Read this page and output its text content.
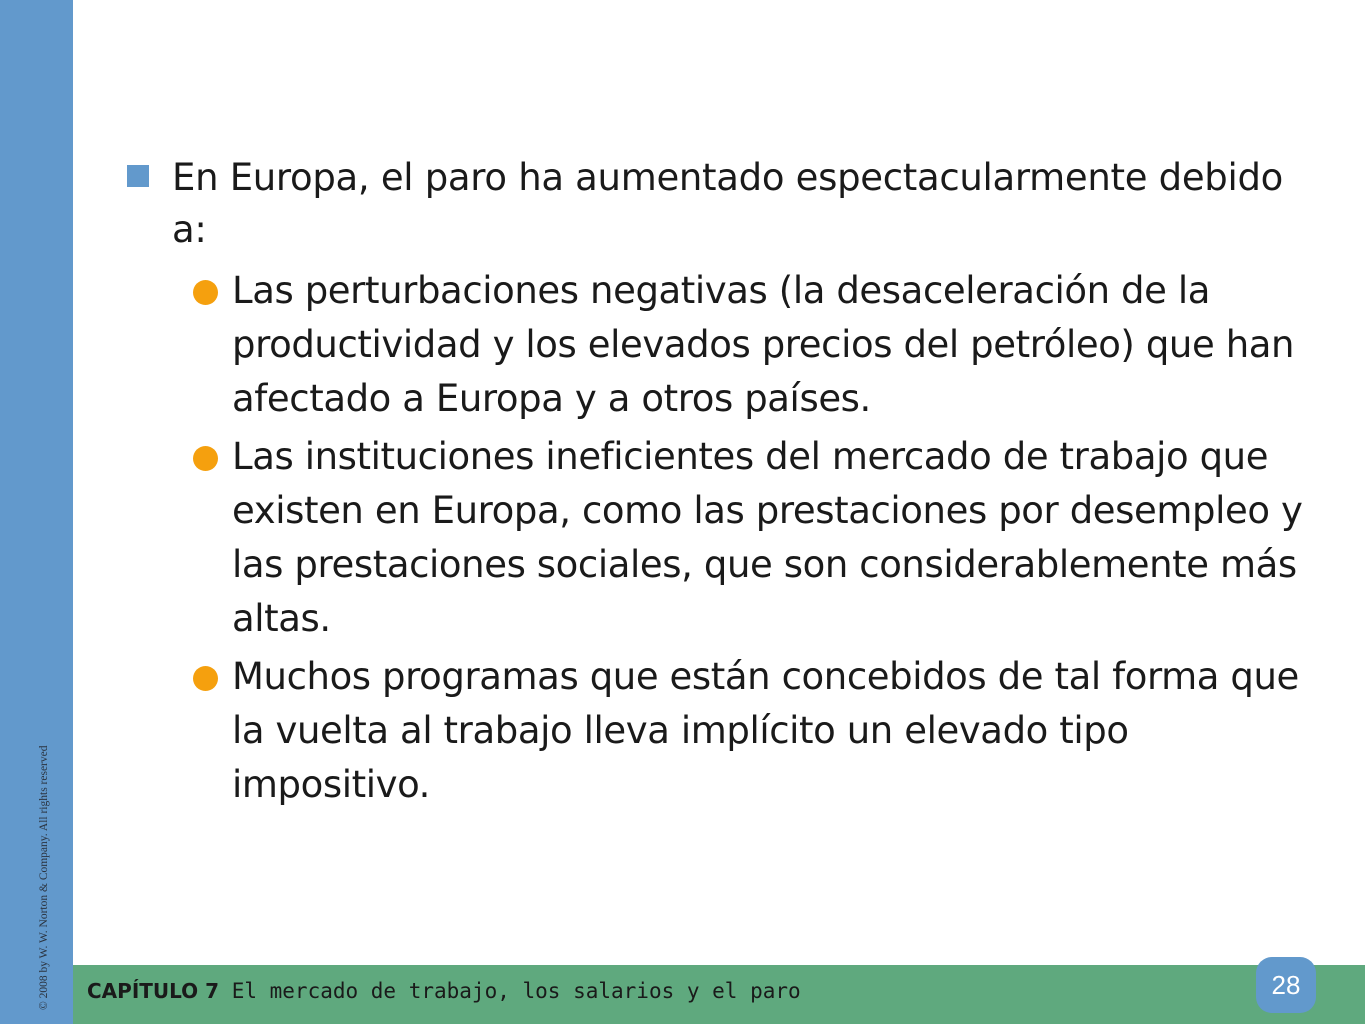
© 2008 by W. W. Norton & Company. All rights reserved CAPÍTULO 7 El mercado de trabajo, los salarios y el paro	28
En Europa, el paro ha aumentado espectacularmente debido a:
Las perturbaciones negativas (la desaceleración de la productividad y los elevados precios del petróleo) que han afectado a Europa y a otros países.
Las instituciones ineficientes del mercado de trabajo que existen en Europa, como las prestaciones por desempleo y las prestaciones sociales, que son considerablemente más altas.
Muchos programas que están concebidos de tal forma que la vuelta al trabajo lleva implícito un elevado tipo impositivo.
